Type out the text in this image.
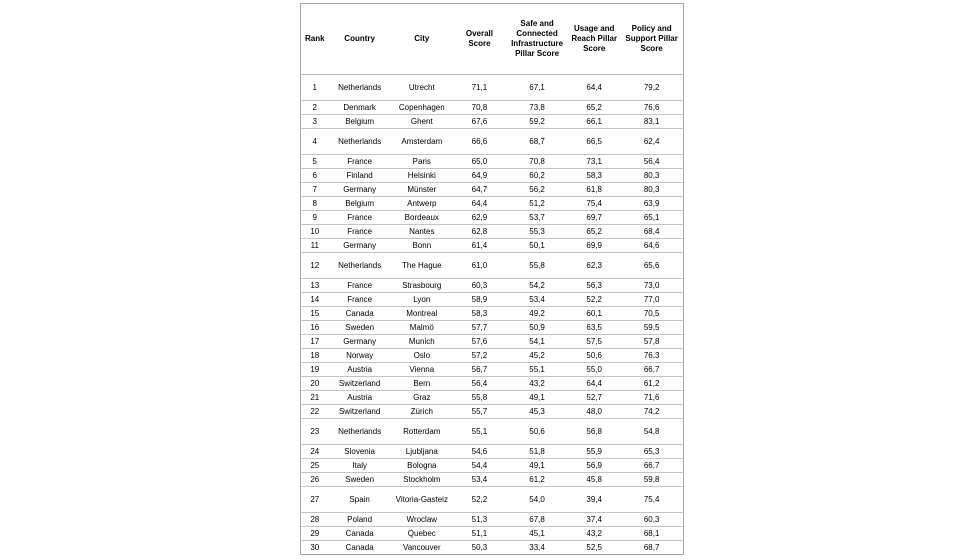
Rank	Country	City	Overall Score	Safe and Connected Infrastructure Pillar Score	Usage and Reach Pillar Score	Policy and Support Pillar Score
1	Netherlands	Utrecht	71,1	67,1	64,4	79,2
2	Denmark	Copenhagen	70,8	73,8	65,2	76,6
3	Belgium	Ghent	67,6	59,2	66,1	83,1
4	Netherlands	Amsterdam	66,6	68,7	66,5	62,4
5	France	Paris	65,0	70,8	73,1	56,4
6	Finland	Helsinki	64,9	60,2	58,3	80,3
7	Germany	Münster	64,7	56,2	61,8	80,3
8	Belgium	Antwerp	64,4	51,2	75,4	63,9
9	France	Bordeaux	62,9	53,7	69,7	65,1
10	France	Nantes	62,8	55,3	65,2	68,4
11	Germany	Bonn	61,4	50,1	69,9	64,6
12	Netherlands	The Hague	61,0	55,8	62,3	65,6
13	France	Strasbourg	60,3	54,2	56,3	73,0
14	France	Lyon	58,9	53,4	52,2	77,0
15	Canada	Montreal	58,3	49,2	60,1	70,5
16	Sweden	Malmö	57,7	50,9	63,5	59,5
17	Germany	Munich	57,6	54,1	57,5	57,8
18	Norway	Oslo	57,2	45,2	50,6	76,3
19	Austria	Vienna	56,7	55,1	55,0	66,7
20	Switzerland	Bern	56,4	43,2	64,4	61,2
21	Austria	Graz	55,8	49,1	52,7	71,6
22	Switzerland	Zürich	55,7	45,3	48,0	74,2
23	Netherlands	Rotterdam	55,1	50,6	56,8	54,8
24	Slovenia	Ljubljana	54,6	51,8	55,9	65,3
25	Italy	Bologna	54,4	49,1	56,9	66,7
26	Sweden	Stockholm	53,4	61,2	45,8	59,8
27	Spain	Vitoria-Gasteiz	52,2	54,0	39,4	75,4
28	Poland	Wroclaw	51,3	67,8	37,4	60,3
29	Canada	Quebec	51,1	45,1	43,2	68,1
30	Canada	Vancouver	50,3	33,4	52,5	68,7
